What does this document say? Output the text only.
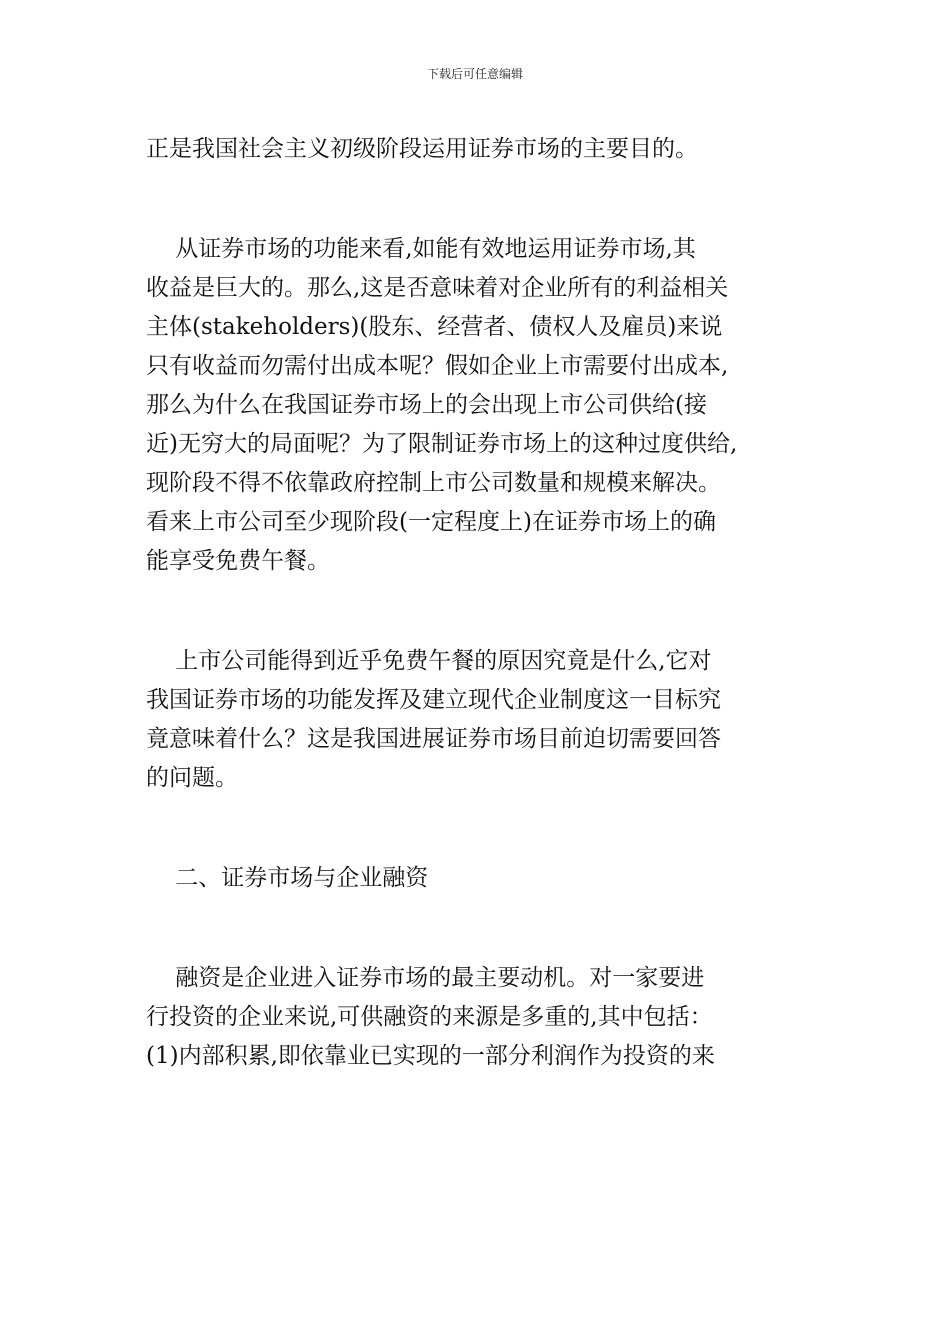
下载后可任意编辑

正是我国社会主义初级阶段运用证券市场的主要目的。

从证券市场的功能来看,如能有效地运用证券市场,其
收益是巨大的。那么,这是否意味着对企业所有的利益相关
主体(stakeholders)(股东、经营者、债权人及雇员)来说
只有收益而勿需付出成本呢？假如企业上市需要付出成本,
那么为什么在我国证券市场上的会出现上市公司供给(接
近)无穷大的局面呢？为了限制证券市场上的这种过度供给,
现阶段不得不依靠政府控制上市公司数量和规模来解决。
看来上市公司至少现阶段(一定程度上)在证券市场上的确
能享受免费午餐。

上市公司能得到近乎免费午餐的原因究竟是什么,它对
我国证券市场的功能发挥及建立现代企业制度这一目标究
竟意味着什么？这是我国进展证券市场目前迫切需要回答
的问题。

二、证券市场与企业融资

融资是企业进入证券市场的最主要动机。对一家要进
行投资的企业来说,可供融资的来源是多重的,其中包括：
(1)内部积累,即依靠业已实现的一部分利润作为投资的来
